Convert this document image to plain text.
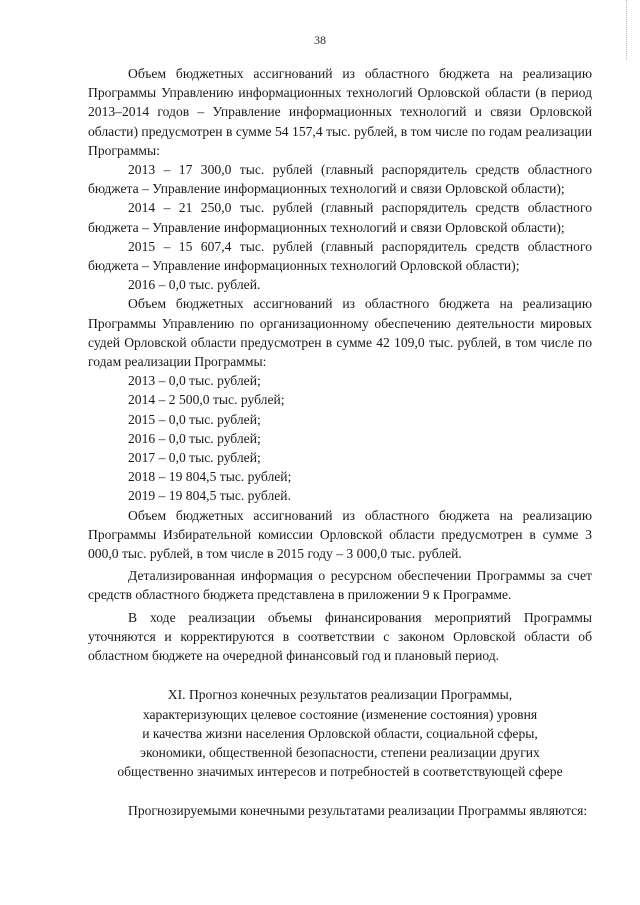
38

Объем бюджетных ассигнований из областного бюджета на реализацию Программы Управлению информационных технологий Орловской области (в период 2013–2014 годов – Управление информационных технологий и связи Орловской области) предусмотрен в сумме 54 157,4 тыс. рублей, в том числе по годам реализации Программы:

2013 – 17 300,0 тыс. рублей (главный распорядитель средств областного бюджета – Управление информационных технологий и связи Орловской области);

2014 – 21 250,0 тыс. рублей (главный распорядитель средств областного бюджета – Управление информационных технологий и связи Орловской области);

2015 – 15 607,4 тыс. рублей (главный распорядитель средств областного бюджета – Управление информационных технологий Орловской области);

2016 – 0,0 тыс. рублей.

Объем бюджетных ассигнований из областного бюджета на реализацию Программы Управлению по организационному обеспечению деятельности мировых судей Орловской области предусмотрен в сумме 42 109,0 тыс. рублей, в том числе по годам реализации Программы:

2013 – 0,0 тыс. рублей;

2014 – 2 500,0 тыс. рублей;

2015 – 0,0 тыс. рублей;

2016 – 0,0 тыс. рублей;

2017 – 0,0 тыс. рублей;

2018 – 19 804,5 тыс. рублей;

2019 – 19 804,5 тыс. рублей.

Объем бюджетных ассигнований из областного бюджета на реализацию Программы Избирательной комиссии Орловской области предусмотрен в сумме 3 000,0 тыс. рублей, в том числе в 2015 году – 3 000,0 тыс. рублей.

Детализированная информация о ресурсном обеспечении Программы за счет средств областного бюджета представлена в приложении 9 к Программе.

В ходе реализации объемы финансирования мероприятий Программы уточняются и корректируются в соответствии с законом Орловской области об областном бюджете на очередной финансовый год и плановый период.

XI. Прогноз конечных результатов реализации Программы,

характеризующих целевое состояние (изменение состояния) уровня

и качества жизни населения Орловской области, социальной сферы,

экономики, общественной безопасности, степени реализации других

общественно значимых интересов и потребностей в соответствующей сфере

Прогнозируемыми конечными результатами реализации Программы являются:
